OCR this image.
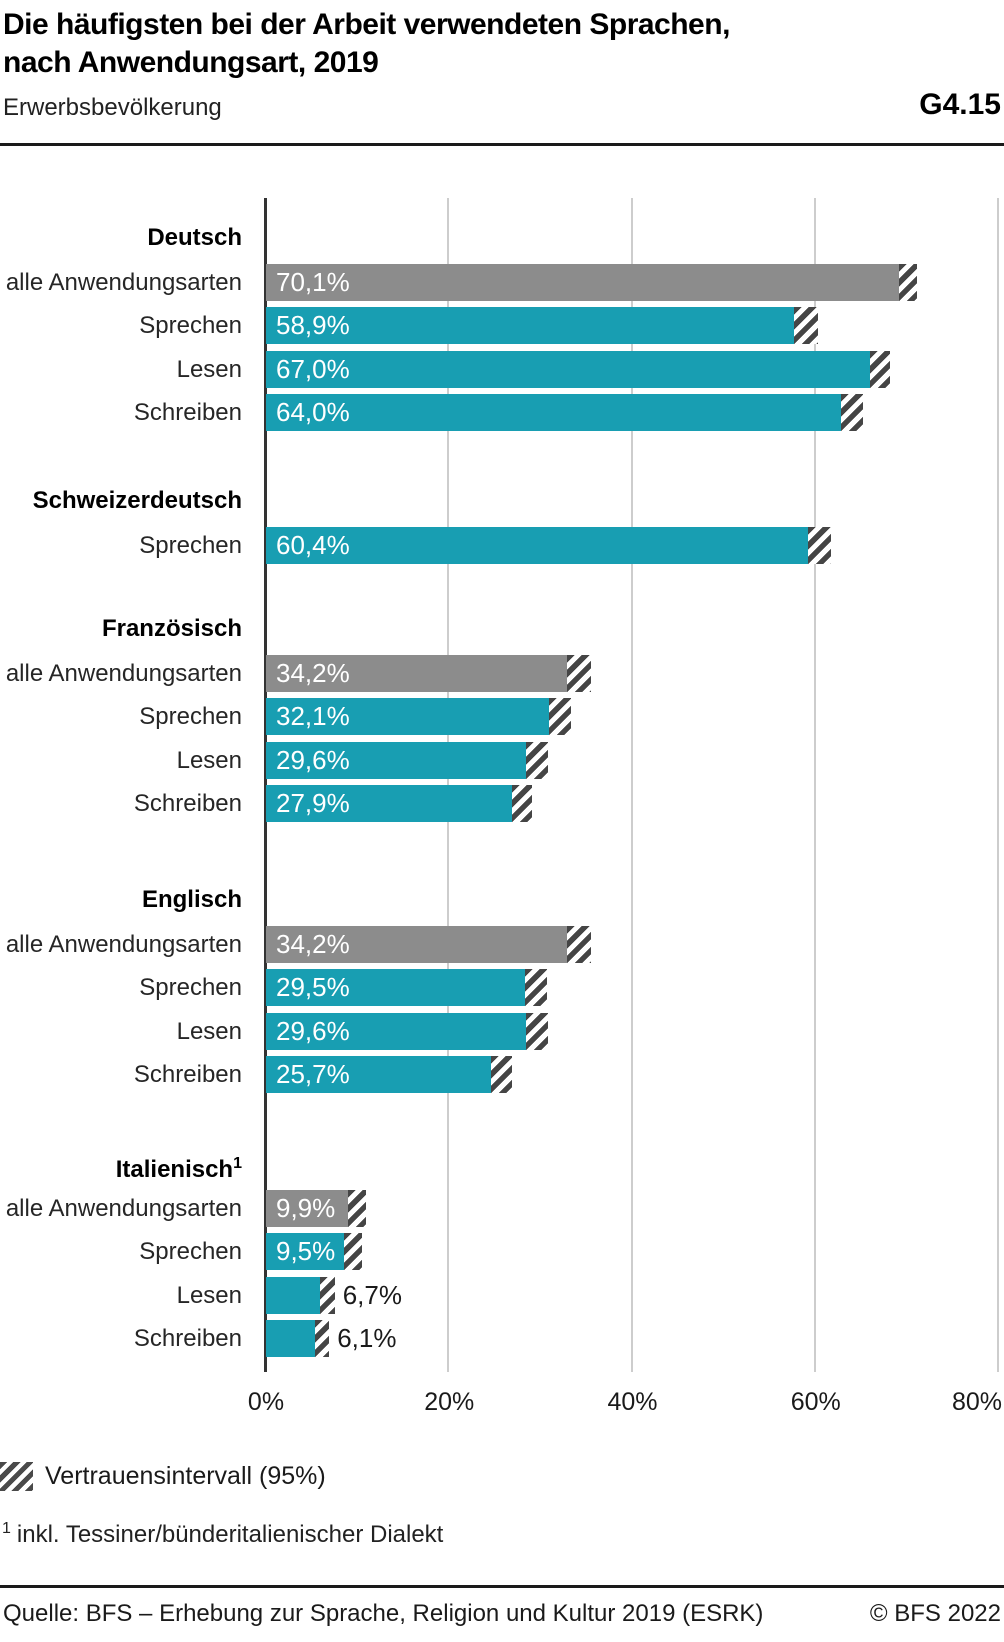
Die häufigsten bei der Arbeit verwendeten Sprachen,
nach Anwendungsart, 2019
Erwerbsbevölkerung	G4.15
Deutsch
alle Anwendungsarten	70,1%
Sprechen	58,9%
Lesen	67,0%
Schreiben	64,0%
Schweizerdeutsch
Sprechen	60,4%
Französisch
alle Anwendungsarten	34,2%
Sprechen	32,1%
Lesen	29,6%
Schreiben	27,9%
Englisch
alle Anwendungsarten	34,2%
Sprechen	29,5%
Lesen	29,6%
Schreiben	25,7%
Italienisch$^1$
alle Anwendungsarten	9,9%
Sprechen	9,5%
Lesen	6,7%
Schreiben	6,1%
0%	20%	40%	60%	80%
Vertrauensintervall (95%)
$^1$ inkl. Tessiner/bünderitalienischer Dialekt
Quelle: BFS – Erhebung zur Sprache, Religion und Kultur 2019 (ESRK)	© BFS 2022
